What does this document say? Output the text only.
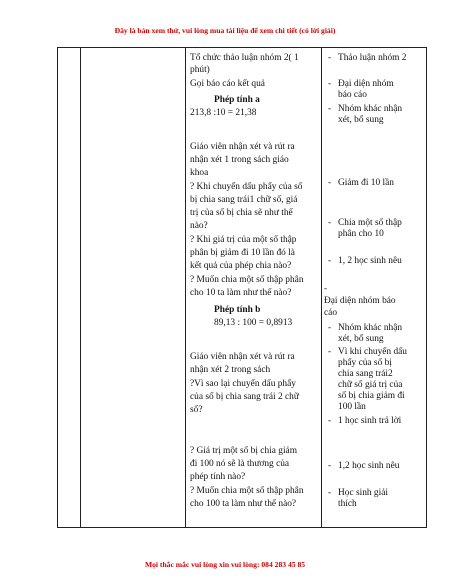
Đây là bản xem thử, vui lòng mua tài liệu để xem chi tiết (có lời giải)

Tổ chức thảo luận nhóm 2( 1
phút)
Gọi báo cáo kết quả
Phép tính a
213,8 :10 = 21,38
Giáo viên nhận xét và rút ra
nhận xét 1 trong sách giáo
khoa
? Khi chuyển dấu phẩy của số
bị chia sang trái1 chữ số, giá
trị của số bị chia sẽ như thế
nào?
? Khi giá trị của một số thập
phân bị giảm đi 10 lần đó là
kết quả của phép chia nào?
? Muốn chia một số thập phân
cho 10 ta làm như thế nào?
Phép tính b
89,13 : 100 = 0,8913
Giáo viên nhận xét và rút ra
nhận xét 2 trong sách
?Vì sao lại chuyển dấu phẩy
của số bị chia sang trái 2 chữ
số?
? Giá trị một số bị chia giảm
đi 100 nó sẽ là thương của
phép tính nào?
? Muốn chia một số thập phân
cho 100 ta làm như thế nào?

- Thảo luận nhóm 2
- Đại diện nhóm
báo cáo
- Nhóm khác nhận
xét, bổ sung
- Giảm đi 10 lần
- Chia một số thập
phân cho 10
- 1, 2 học sinh nêu
-
Đại diện nhóm báo
cáo
- Nhóm khác nhận
xét, bổ sung
- Vì khi chuyển dấu
phẩy của số bị
chia sang trái2
chữ số giá trị của
số bị chia giảm đi
100 lần
- 1 học sinh trả lời
- 1,2 học sinh nêu
- Học sinh giải
thích
Mọi thắc mắc vui lòng xin vui lòng: 084 283 45 85
